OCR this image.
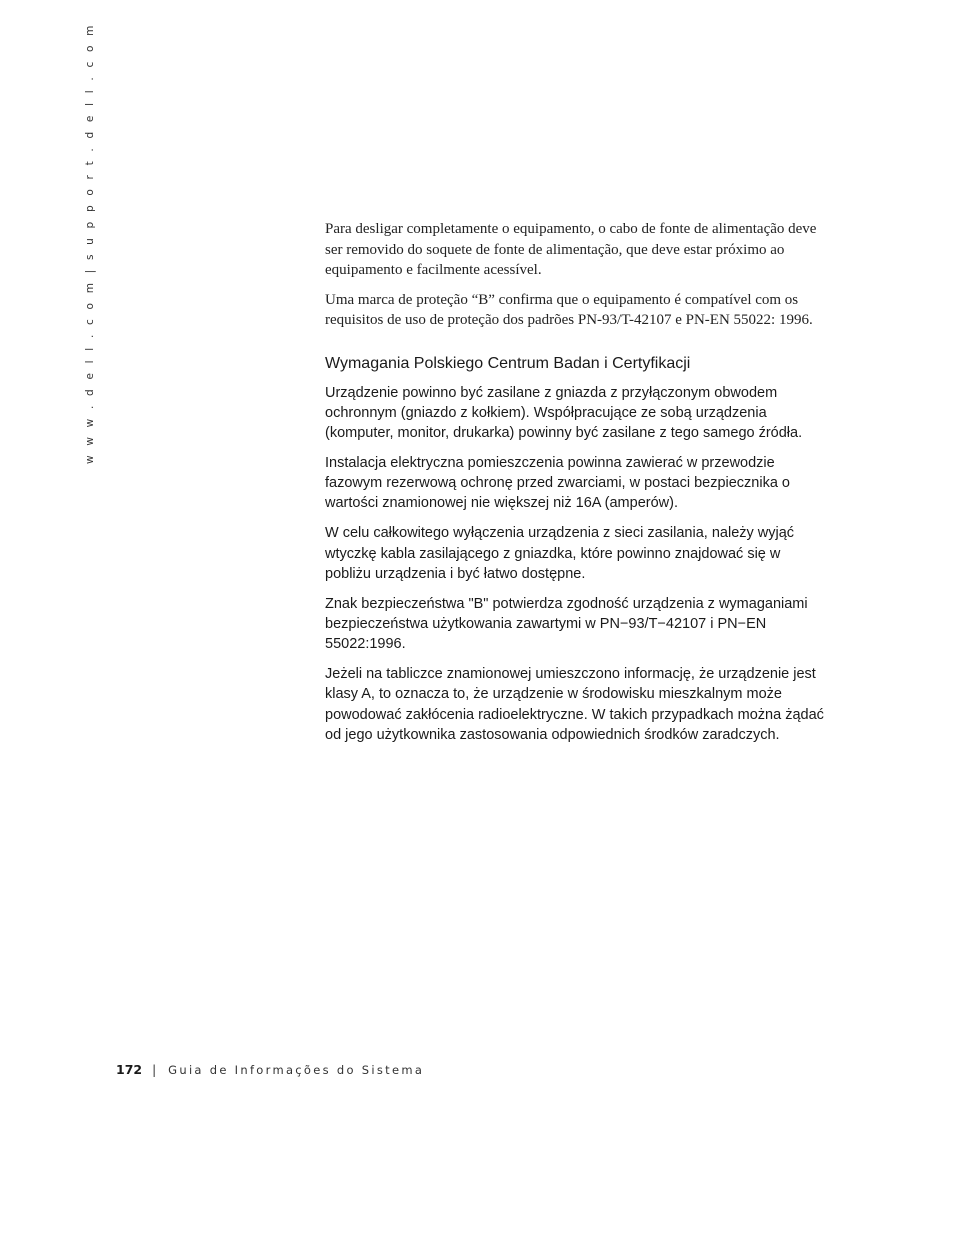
w w w . d e l l . c o m | s u p p o r t . d e l l . c o m	Para desligar completamente o equipamento, o cabo de fonte de alimentação deve ser removido do soquete de fonte de alimentação, que deve estar próximo ao equipamento e facilmente acessível.

Uma marca de proteção “B” confirma que o equipamento é compatível com os requisitos de uso de proteção dos padrões PN-93/T-42107 e PN-EN 55022: 1996.

Wymagania Polskiego Centrum Badan i Certyfikacji

Urządzenie powinno być zasilane z gniazda z przyłączonym obwodem ochronnym (gniazdo z kołkiem). Współpracujące ze sobą urządzenia (komputer, monitor, drukarka) powinny być zasilane z tego samego źródła.

Instalacja elektryczna pomieszczenia powinna zawierać w przewodzie fazowym rezerwową ochronę przed zwarciami, w postaci bezpiecznika o wartości znamionowej nie większej niż 16A (amperów).

W celu całkowitego wyłączenia urządzenia z sieci zasilania, należy wyjąć wtyczkę kabla zasilającego z gniazdka, które powinno znajdować się w pobliżu urządzenia i być łatwo dostępne.

Znak bezpieczeństwa "B" potwierdza zgodność urządzenia z wymaganiami bezpieczeństwa użytkowania zawartymi w PN−93/T−42107 i PN−EN 55022:1996.

Jeżeli na tabliczce znamionowej umieszczono informację, że urządzenie jest klasy A, to oznacza to, że urządzenie w środowisku mieszkalnym może powodować zakłócenia radioelektryczne. W takich przypadkach można żądać od jego użytkownika zastosowania odpowiednich środków zaradczych.

172 | Guia de Informações do Sistema
